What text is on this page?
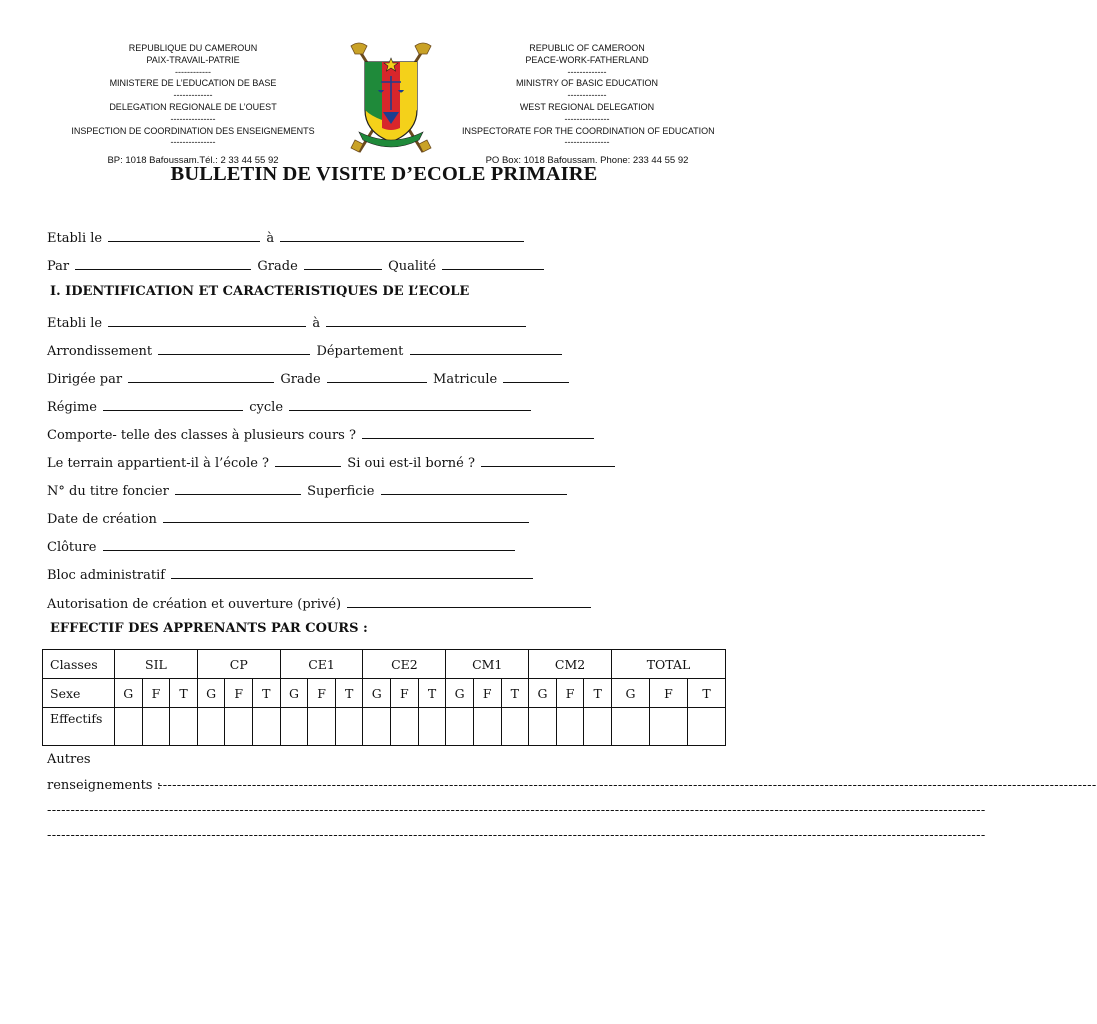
REPUBLIQUE DU CAMEROUN
PAIX-TRAVAIL-PATRIE
------------
MINISTERE DE L’EDUCATION DE BASE
-------------
DELEGATION REGIONALE DE L’OUEST
---------------
INSPECTION DE COORDINATION DES ENSEIGNEMENTS
---------------
BP: 1018 Bafoussam.Tél.: 2 33 44 55 92
REPUBLIC OF CAMEROON
PEACE-WORK-FATHERLAND
-------------
MINISTRY OF BASIC EDUCATION
-------------
WEST REGIONAL DELEGATION
---------------
INSPECTORATE FOR THE COORDINATION OF EDUCATION
---------------
PO Box: 1018 Bafoussam. Phone: 233 44 55 92
BULLETIN DE VISITE D’ECOLE PRIMAIRE
Etabli le	à
Par	Grade	Qualité
I. IDENTIFICATION ET CARACTERISTIQUES DE L’ECOLE
Etabli le	à
Arrondissement	Département
Dirigée par	Grade	Matricule
Régime	cycle
Comporte- telle des classes à plusieurs cours ?
Le terrain appartient-il à l’école ?	Si oui est-il borné ?
N° du titre foncier	Superficie
Date de création
Clôture
Bloc administratif
Autorisation de création et ouverture (privé)
EFFECTIF DES APPRENANTS PAR COURS :
Classes	SIL			CP			CE1			CE2			CM1			CM2			TOTAL		
Sexe	G	F	T	G	F	T	G	F	T	G	F	T	G	F	T	G	F	T	G	F	T
Effectifs																					
Autres
renseignements :
--------------------------------------------------------------------------------------------------------------------------------------------------------------------------------------------------------
--------------------------------------------------------------------------------------------------------------------------------------------------------------------------------------------------------
--------------------------------------------------------------------------------------------------------------------------------------------------------------------------------------------------------
